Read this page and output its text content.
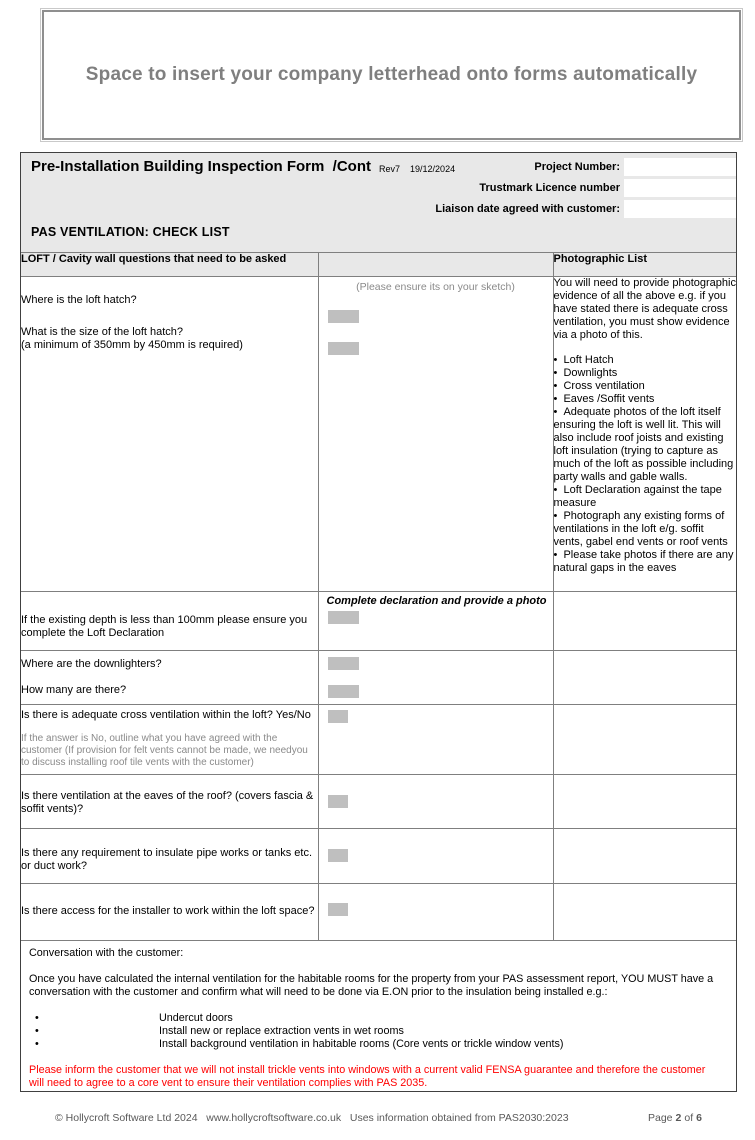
Space to insert your company letterhead onto forms automatically
Pre-Installation Building Inspection Form  /Cont Rev7 19/12/2024	Project Number:
Trustmark Licence number
Liaison date agreed with customer:
PAS VENTILATION: CHECK LIST
LOFT / Cavity wall questions that need to be asked		Photographic List

Where is the loft hatch?
What is the size of the loft hatch?
(a minimum of 350mm by 450mm is required)

(Please ensure its on your sketch)	You will need to provide photographic evidence of all the above e.g. if you have stated there is adequate cross ventilation, you must show evidence via a photo of this.

•  Loft Hatch
•  Downlights
•  Cross ventilation
•  Eaves /Soffit vents
•  Adequate photos of the loft itself ensuring the loft is well lit. This will also include roof joists and existing loft insulation (trying to capture as much of the loft as possible including party walls and gable walls.
•  Loft Declaration against the tape measure
•  Photograph any existing forms of ventilations in the loft e/g. soffit vents, gabel end vents or roof vents
•  Please take photos if there are any natural gaps in the eaves

If the existing depth is less than 100mm please ensure you complete the Loft Declaration	Complete declaration and provide a photo	

Where are the downlighters?
How many are there?		

Is there is adequate cross ventilation within the loft? Yes/No
If the answer is No, outline what you have agreed with the customer (If provision for felt vents cannot be made, we needyou to discuss installing roof tile vents with the customer)		

Is there ventilation at the eaves of the roof? (covers fascia & soffit vents)?		

Is there any requirement to insulate pipe works or tanks etc. or duct work?		

Is there access for the installer to work within the loft space?		

Conversation with the customer:
Once you have calculated the internal ventilation for the habitable rooms for the property from your PAS assessment report, YOU MUST have a conversation with the customer and confirm what will need to be done via E.ON prior to the insulation being installed e.g.:
•	Undercut doors
•	Install new or replace extraction vents in wet rooms
•	Install background ventilation in habitable rooms (Core vents or trickle window vents)
Please inform the customer that we will not install trickle vents into windows with a current valid FENSA guarantee and therefore the customer will need to agree to a core vent to ensure their ventilation complies with PAS 2035.
© Hollycroft Software Ltd 2024   www.hollycroftsoftware.co.uk   Uses information obtained from PAS2030:2023	Page 2 of 6
